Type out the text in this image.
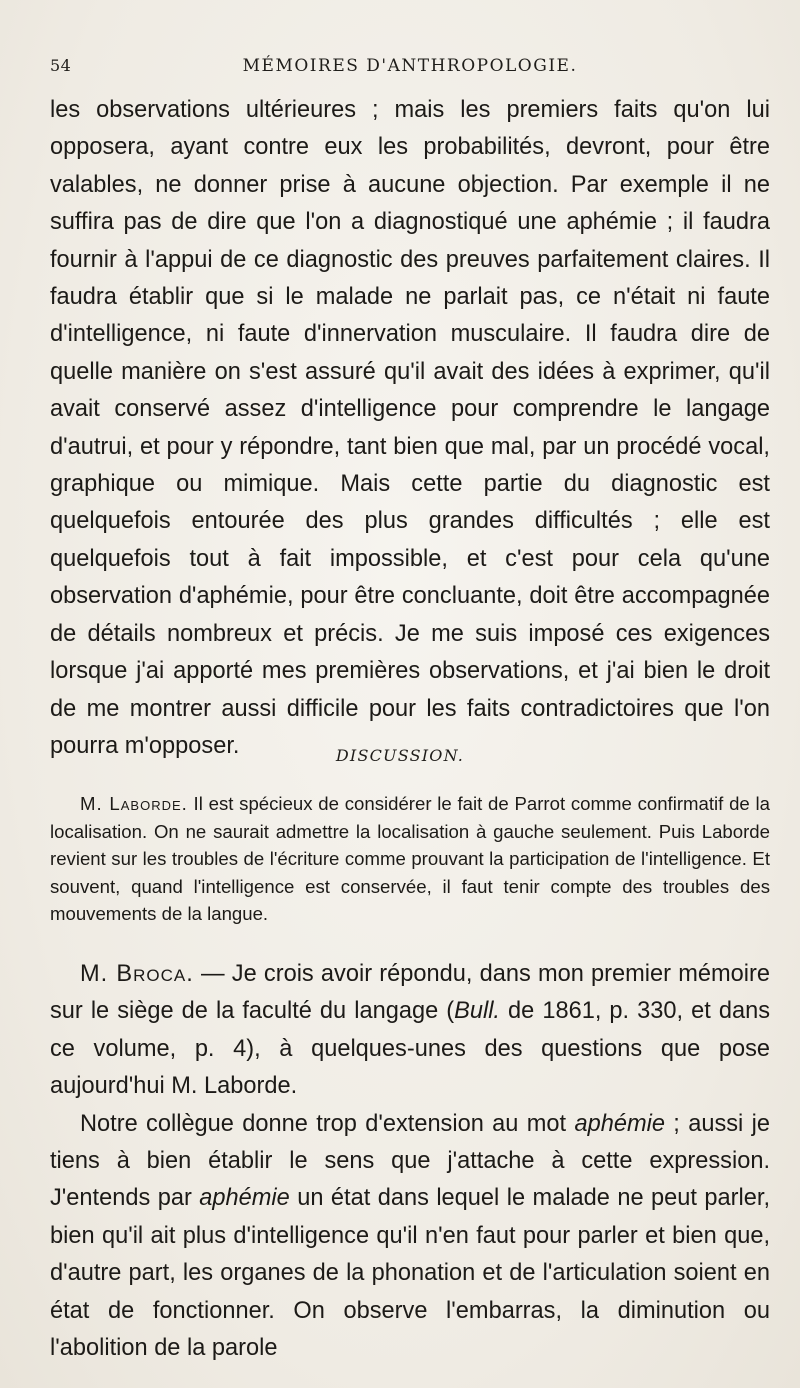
54	MÉMOIRES D'ANTHROPOLOGIE.

les observations ultérieures ; mais les premiers faits qu'on lui opposera, ayant contre eux les probabilités, devront, pour être valables, ne donner prise à aucune objection. Par exemple il ne suffira pas de dire que l'on a diagnostiqué une aphémie ; il faudra fournir à l'appui de ce diagnostic des preuves parfaitement claires. Il faudra établir que si le malade ne parlait pas, ce n'était ni faute d'intelligence, ni faute d'innervation musculaire. Il faudra dire de quelle manière on s'est assuré qu'il avait des idées à exprimer, qu'il avait conservé assez d'intelligence pour comprendre le langage d'autrui, et pour y répondre, tant bien que mal, par un procédé vocal, graphique ou mimique. Mais cette partie du diagnostic est quelquefois entourée des plus grandes difficultés ; elle est quelquefois tout à fait impossible, et c'est pour cela qu'une observation d'aphémie, pour être concluante, doit être accompagnée de détails nombreux et précis. Je me suis imposé ces exigences lorsque j'ai apporté mes premières observations, et j'ai bien le droit de me montrer aussi difficile pour les faits contradictoires que l'on pourra m'opposer.	DISCUSSION.

M. Laborde. Il est spécieux de considérer le fait de Parrot comme confirmatif de la localisation. On ne saurait admettre la localisation à gauche seulement. Puis Laborde revient sur les troubles de l'écriture comme prouvant la participation de l'intelligence. Et souvent, quand l'intelligence est conservée, il faut tenir compte des troubles des mouvements de la langue.

M. Broca. — Je crois avoir répondu, dans mon premier mémoire sur le siège de la faculté du langage (Bull. de 1861, p. 330, et dans ce volume, p. 4), à quelques-unes des questions que pose aujourd'hui M. Laborde.

Notre collègue donne trop d'extension au mot aphémie ; aussi je tiens à bien établir le sens que j'attache à cette expression. J'entends par aphémie un état dans lequel le malade ne peut parler, bien qu'il ait plus d'intelligence qu'il n'en faut pour parler et bien que, d'autre part, les organes de la phonation et de l'articulation soient en état de fonctionner. On observe l'embarras, la diminution ou l'abolition de la parole
